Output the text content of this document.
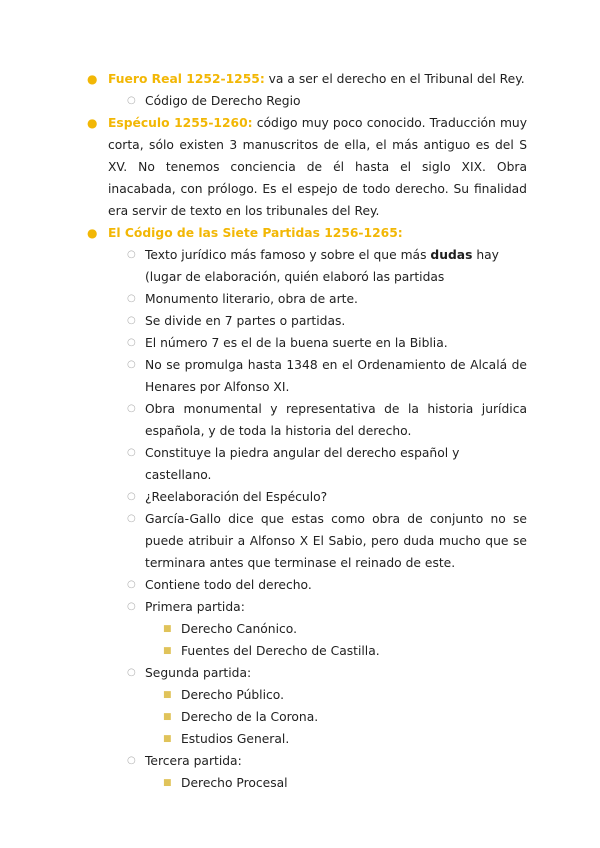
● Fuero Real 1252-1255: va a ser el derecho en el Tribunal del Rey.
○ Código de Derecho Regio
● Espéculo 1255-1260: código muy poco conocido. Traducción muy corta, sólo existen 3 manuscritos de ella, el más antiguo es del S XV. No tenemos conciencia de él hasta el siglo XIX. Obra inacabada, con prólogo. Es el espejo de todo derecho. Su finalidad era servir de texto en los tribunales del Rey.
● El Código de las Siete Partidas 1256-1265:
○ Texto jurídico más famoso y sobre el que más dudas hay (lugar de elaboración, quién elaboró las partidas
○ Monumento literario, obra de arte.
○ Se divide en 7 partes o partidas.
○ El número 7 es el de la buena suerte en la Biblia.
○ No se promulga hasta 1348 en el Ordenamiento de Alcalá de Henares por Alfonso XI.
○ Obra monumental y representativa de la historia jurídica española, y de toda la historia del derecho.
○ Constituye la piedra angular del derecho español y castellano.
○ ¿Reelaboración del Espéculo?
○ García-Gallo dice que estas como obra de conjunto no se puede atribuir a Alfonso X El Sabio, pero duda mucho que se terminara antes que terminase el reinado de este.
○ Contiene todo del derecho.
○ Primera partida:
■ Derecho Canónico.
■ Fuentes del Derecho de Castilla.
○ Segunda partida:
■ Derecho Público.
■ Derecho de la Corona.
■ Estudios General.
○ Tercera partida:
■ Derecho Procesal
